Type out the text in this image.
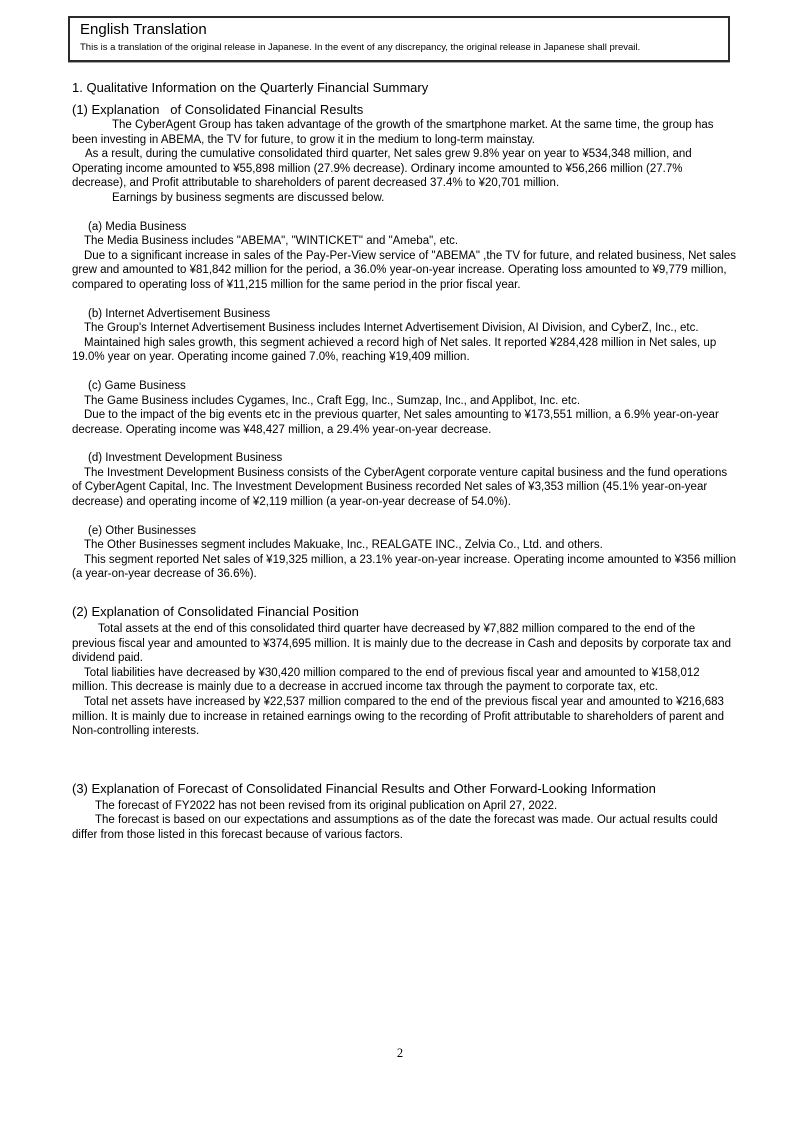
English Translation
This is a translation of the original release in Japanese. In the event of any discrepancy, the original release in Japanese shall prevail.
1. Qualitative Information on the Quarterly Financial Summary
(1) Explanation   of Consolidated Financial Results

The CyberAgent Group has taken advantage of the growth of the smartphone market. At the same time, the group has been investing in ABEMA, the TV for future, to grow it in the medium to long-term mainstay.

As a result, during the cumulative consolidated third quarter, Net sales grew 9.8% year on year to ¥534,348 million, and Operating income amounted to ¥55,898 million (27.9% decrease). Ordinary income amounted to ¥56,266 million (27.7% decrease), and Profit attributable to shareholders of parent decreased 37.4% to ¥20,701 million.

Earnings by business segments are discussed below.

(a) Media Business

The Media Business includes "ABEMA", "WINTICKET" and "Ameba", etc.

Due to a significant increase in sales of the Pay-Per-View service of "ABEMA" ,the TV for future, and related business, Net sales grew and amounted to ¥81,842 million for the period, a 36.0% year-on-year increase. Operating loss amounted to ¥9,779 million, compared to operating loss of ¥11,215 million for the same period in the prior fiscal year.

(b) Internet Advertisement Business

The Group's Internet Advertisement Business includes Internet Advertisement Division, AI Division, and CyberZ, Inc., etc.

Maintained high sales growth, this segment achieved a record high of Net sales. It reported ¥284,428 million in Net sales, up 19.0% year on year. Operating income gained 7.0%, reaching ¥19,409 million.

(c) Game Business

The Game Business includes Cygames, Inc., Craft Egg, Inc., Sumzap, Inc., and Applibot, Inc. etc.

Due to the impact of the big events etc in the previous quarter, Net sales amounting to ¥173,551 million, a 6.9% year-on-year decrease. Operating income was ¥48,427 million, a 29.4% year-on-year decrease.

(d) Investment Development Business

The Investment Development Business consists of the CyberAgent corporate venture capital business and the fund operations of CyberAgent Capital, Inc. The Investment Development Business recorded Net sales of ¥3,353 million (45.1% year-on-year decrease) and operating income of ¥2,119 million (a year-on-year decrease of 54.0%).

(e) Other Businesses

The Other Businesses segment includes Makuake, Inc., REALGATE INC., Zelvia Co., Ltd. and others.

This segment reported Net sales of ¥19,325 million, a 23.1% year-on-year increase. Operating income amounted to ¥356 million (a year-on-year decrease of 36.6%).

(2) Explanation of Consolidated Financial Position

Total assets at the end of this consolidated third quarter have decreased by ¥7,882 million compared to the end of the previous fiscal year and amounted to ¥374,695 million. It is mainly due to the decrease in Cash and deposits by corporate tax and dividend paid.

Total liabilities have decreased by ¥30,420 million compared to the end of previous fiscal year and amounted to ¥158,012 million. This decrease is mainly due to a decrease in accrued income tax through the payment to corporate tax, etc.

Total net assets have increased by ¥22,537 million compared to the end of the previous fiscal year and amounted to ¥216,683 million. It is mainly due to increase in retained earnings owing to the recording of Profit attributable to shareholders of parent and Non-controlling interests.

(3) Explanation of Forecast of Consolidated Financial Results and Other Forward-Looking Information

The forecast of FY2022 has not been revised from its original publication on April 27, 2022.

The forecast is based on our expectations and assumptions as of the date the forecast was made. Our actual results could differ from those listed in this forecast because of various factors.

2
